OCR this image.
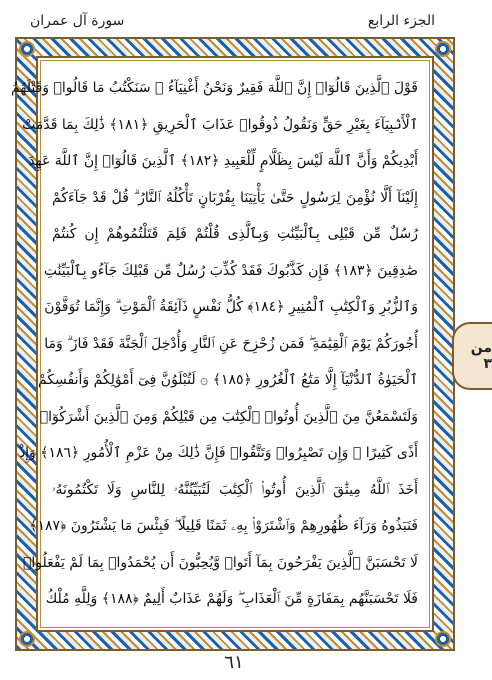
الجزء الرابع
سورة آل عمران
قَوْلَ ٱلَّذِينَ قَالُوٓا۟ إِنَّ ٱللَّهَ فَقِيرٌ وَنَحْنُ أَغْنِيَآءُ ۘ سَنَكْتُبُ مَا قَالُوا۟ وَقَتْلَهُمُ
ٱلْأَنۢبِيَآءَ بِغَيْرِ حَقٍّ وَنَقُولُ ذُوقُوا۟ عَذَابَ ٱلْحَرِيقِ ﴿١٨١﴾ ذَٰلِكَ بِمَا قَدَّمَتْ
أَيْدِيكُمْ وَأَنَّ ٱللَّهَ لَيْسَ بِظَلَّامٍ لِّلْعَبِيدِ ﴿١٨٢﴾ ٱلَّذِينَ قَالُوٓا۟ إِنَّ ٱللَّهَ عَهِدَ
إِلَيْنَآ أَلَّا نُؤْمِنَ لِرَسُولٍ حَتَّىٰ يَأْتِيَنَا بِقُرْبَانٍ تَأْكُلُهُ ٱلنَّارُ ۗ قُلْ قَدْ جَآءَكُمْ
رُسُلٌ مِّن قَبْلِى بِٱلْبَيِّنَٰتِ وَبِٱلَّذِى قُلْتُمْ فَلِمَ قَتَلْتُمُوهُمْ إِن كُنتُمْ
صَٰدِقِينَ ﴿١٨٣﴾ فَإِن كَذَّبُوكَ فَقَدْ كُذِّبَ رُسُلٌ مِّن قَبْلِكَ جَآءُو بِٱلْبَيِّنَٰتِ
وَٱلزُّبُرِ وَٱلْكِتَٰبِ ٱلْمُنِيرِ ﴿١٨٤﴾ كُلُّ نَفْسٍ ذَآئِقَةُ ٱلْمَوْتِ ۗ وَإِنَّمَا تُوَفَّوْنَ
أُجُورَكُمْ يَوْمَ ٱلْقِيَٰمَةِ ۖ فَمَن زُحْزِحَ عَنِ ٱلنَّارِ وَأُدْخِلَ ٱلْجَنَّةَ فَقَدْ فَازَ ۗ وَمَا
ٱلْحَيَوٰةُ ٱلدُّنْيَآ إِلَّا مَتَٰعُ ٱلْغُرُورِ ﴿١٨٥﴾ ۞ لَتُبْلَوُنَّ فِىٓ أَمْوَٰلِكُمْ وَأَنفُسِكُمْ
وَلَتَسْمَعُنَّ مِنَ ٱلَّذِينَ أُوتُوا۟ ٱلْكِتَٰبَ مِن قَبْلِكُمْ وَمِنَ ٱلَّذِينَ أَشْرَكُوٓا۟
أَذًى كَثِيرًا ۚ وَإِن تَصْبِرُوا۟ وَتَتَّقُوا۟ فَإِنَّ ذَٰلِكَ مِنْ عَزْمِ ٱلْأُمُورِ ﴿١٨٦﴾ وَإِذْ
أَخَذَ ٱللَّهُ مِيثَٰقَ ٱلَّذِينَ أُوتُوا۟ ٱلْكِتَٰبَ لَتُبَيِّنُنَّهُۥ لِلنَّاسِ وَلَا تَكْتُمُونَهُۥ
فَنَبَذُوهُ وَرَآءَ ظُهُورِهِمْ وَٱشْتَرَوْا۟ بِهِۦ ثَمَنًا قَلِيلًا ۖ فَبِئْسَ مَا يَشْتَرُونَ ﴿١٨٧﴾
لَا تَحْسَبَنَّ ٱلَّذِينَ يَفْرَحُونَ بِمَآ أَتَوا۟ وَّيُحِبُّونَ أَن يُحْمَدُوا۟ بِمَا لَمْ يَفْعَلُوا۟
فَلَا تَحْسَبَنَّهُم بِمَفَازَةٍ مِّنَ ٱلْعَذَابِ ۖ وَلَهُمْ عَذَابٌ أَلِيمٌ ﴿١٨٨﴾ وَلِلَّهِ مُلْكُ
من ٣
٦١
